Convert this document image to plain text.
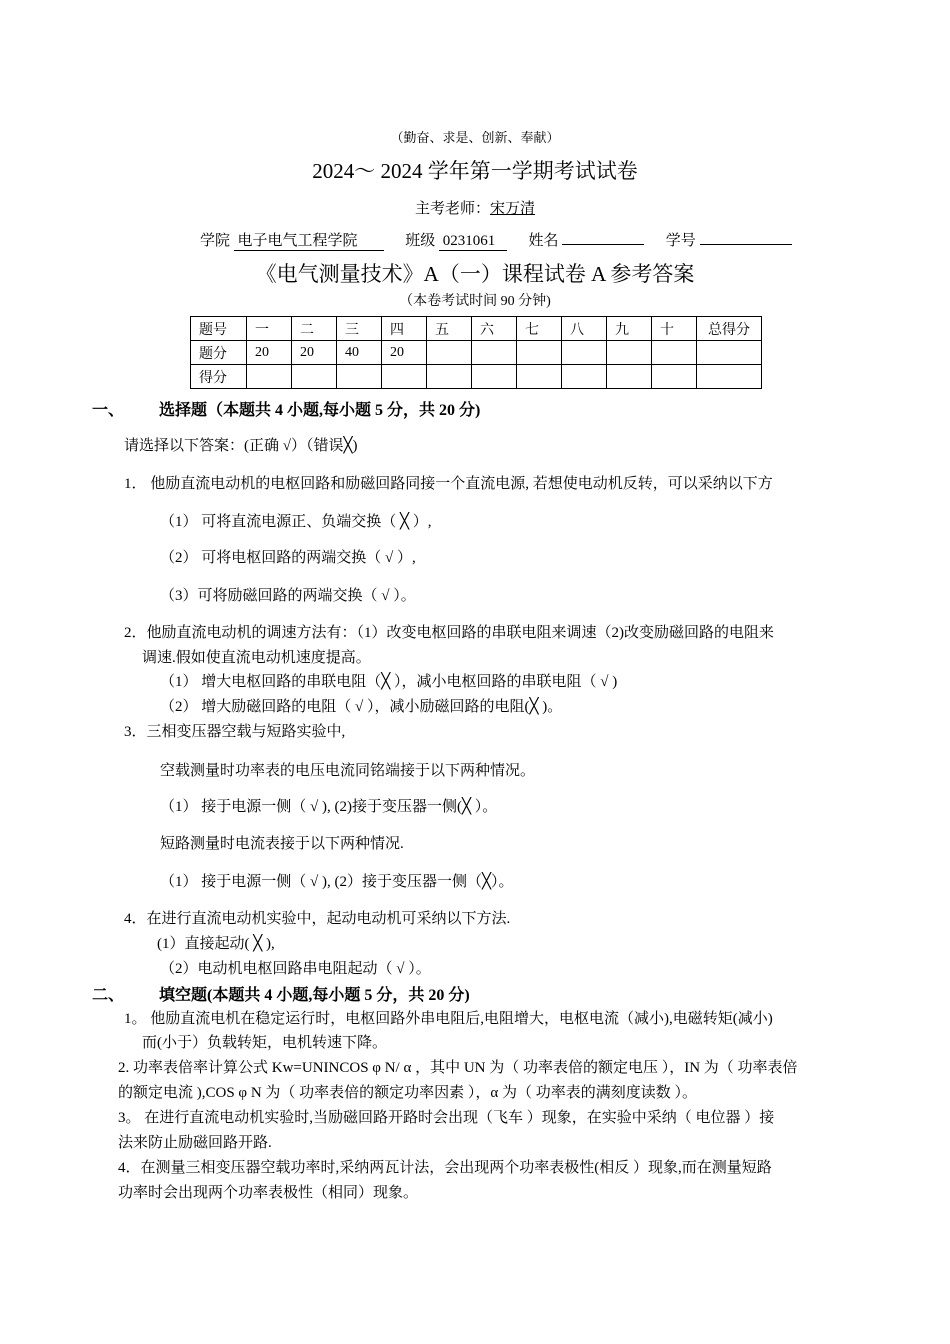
（勤奋、求是、创新、奉献）
2024～ 2024 学年第一学期考试试卷
主考老师：宋万清
学院 电子电气工程学院	班级 0231061 姓名	学号
《电气测量技术》A（一）课程试卷 A 参考答案
（本卷考试时间 90 分钟)
题号	一	二	三	四	五	六	七	八	九	十	总得分
题分	20	20	40	20							
得分											
一、 选择题（本题共 4 小题,每小题 5 分，共 20 分)
请选择以下答案：(正确 √）（错误╳)
1． 他励直流电动机的电枢回路和励磁回路同接一个直流电源, 若想使电动机反转，可以采纳以下方
（1） 可将直流电源正、负端交换（ ╳ ）,
（2） 可将电枢回路的两端交换（ √ ）,
（3）可将励磁回路的两端交换（ √ ）。
2．他励直流电动机的调速方法有：（1）改变电枢回路的串联电阻来调速（2)改变励磁回路的电阻来
调速.假如使直流电动机速度提高。
（1） 增大电枢回路的串联电阻（╳ ），减小电枢回路的串联电阻（ √ )
（2） 增大励磁回路的电阻（ √ ），减小励磁回路的电阻(╳ )。
3．三相变压器空载与短路实验中,
空载测量时功率表的电压电流同铭端接于以下两种情况。
（1） 接于电源一侧（ √ ), (2)接于变压器一侧(╳ ）。
短路测量时电流表接于以下两种情况.
（1） 接于电源一侧（ √ ), (2）接于变压器一侧（╳）。
4．在进行直流电动机实验中，起动电动机可采纳以下方法.
(1）直接起动( ╳ ),
（2）电动机电枢回路串电阻起动（ √ ）。
二、 填空题(本题共 4 小题,每小题 5 分，共 20 分)
1。 他励直流电机在稳定运行时，电枢回路外串电阻后,电阻增大，电枢电流（减小),电磁转矩(减小)
而(小于）负载转矩，电机转速下降。
2. 功率表倍率计算公式 Kw=UNINCOS φ N/ α ，其中 UN 为（ 功率表倍的额定电压 ），IN 为（ 功率表倍
的额定电流 ),COS φ N 为（ 功率表倍的额定功率因素 ），α 为（ 功率表的满刻度读数 ）。
3。 在进行直流电动机实验时,当励磁回路开路时会出现（飞车 ）现象，在实验中采纳（ 电位器 ）接
法来防止励磁回路开路.
4．在测量三相变压器空载功率时,采纳两瓦计法，会出现两个功率表极性(相反 ）现象,而在测量短路
功率时会出现两个功率表极性（相同）现象。
